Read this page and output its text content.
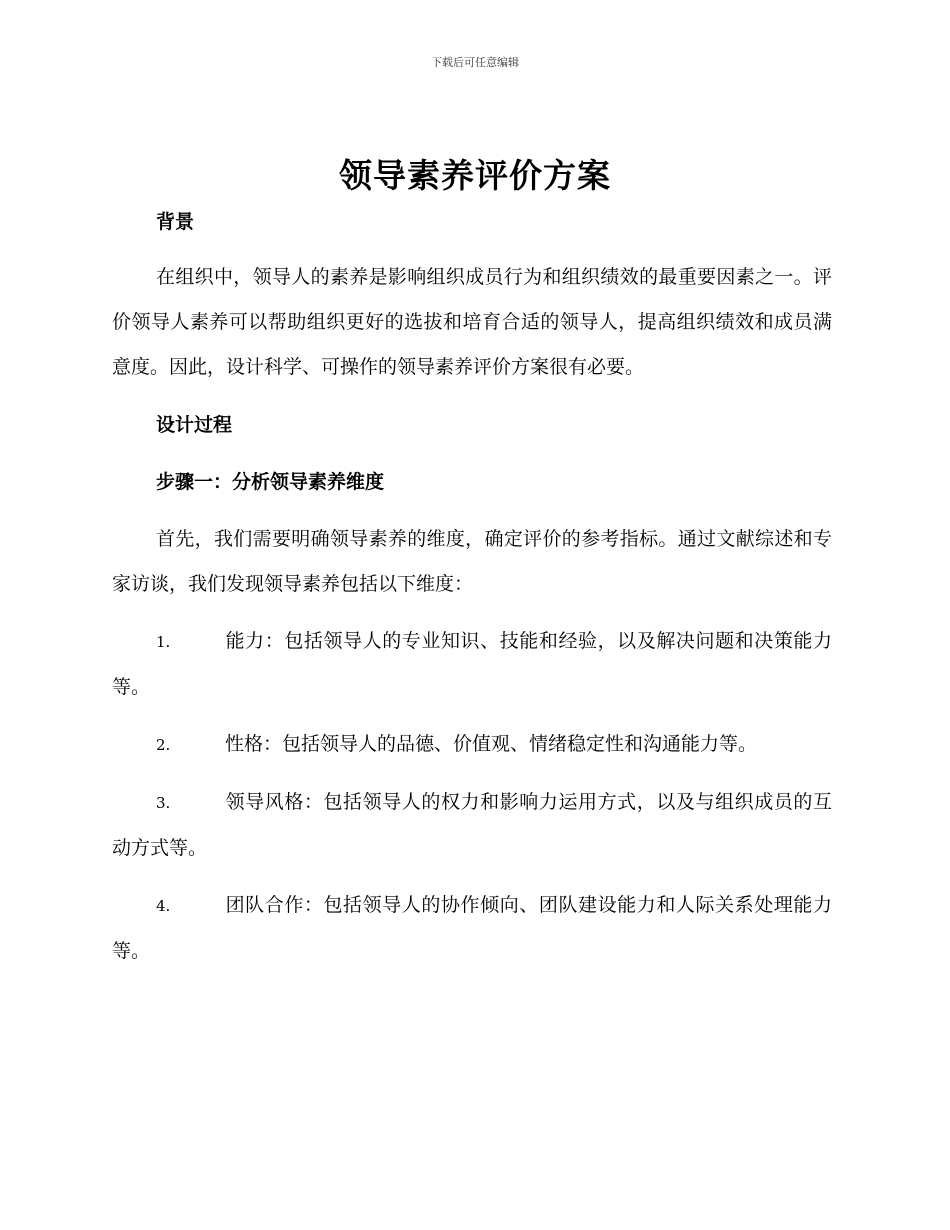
下载后可任意编辑
领导素养评价方案

背景

在组织中，领导人的素养是影响组织成员行为和组织绩效的最重要因素之一。评价领导人素养可以帮助组织更好的选拔和培育合适的领导人，提高组织绩效和成员满意度。因此，设计科学、可操作的领导素养评价方案很有必要。

设计过程

步骤一：分析领导素养维度

首先，我们需要明确领导素养的维度，确定评价的参考指标。通过文献综述和专家访谈，我们发现领导素养包括以下维度：

1.	能力：包括领导人的专业知识、技能和经验，以及解决问题和决策能力等。

2.	性格：包括领导人的品德、价值观、情绪稳定性和沟通能力等。

3.	领导风格：包括领导人的权力和影响力运用方式，以及与组织成员的互动方式等。

4.	团队合作：包括领导人的协作倾向、团队建设能力和人际关系处理能力等。
